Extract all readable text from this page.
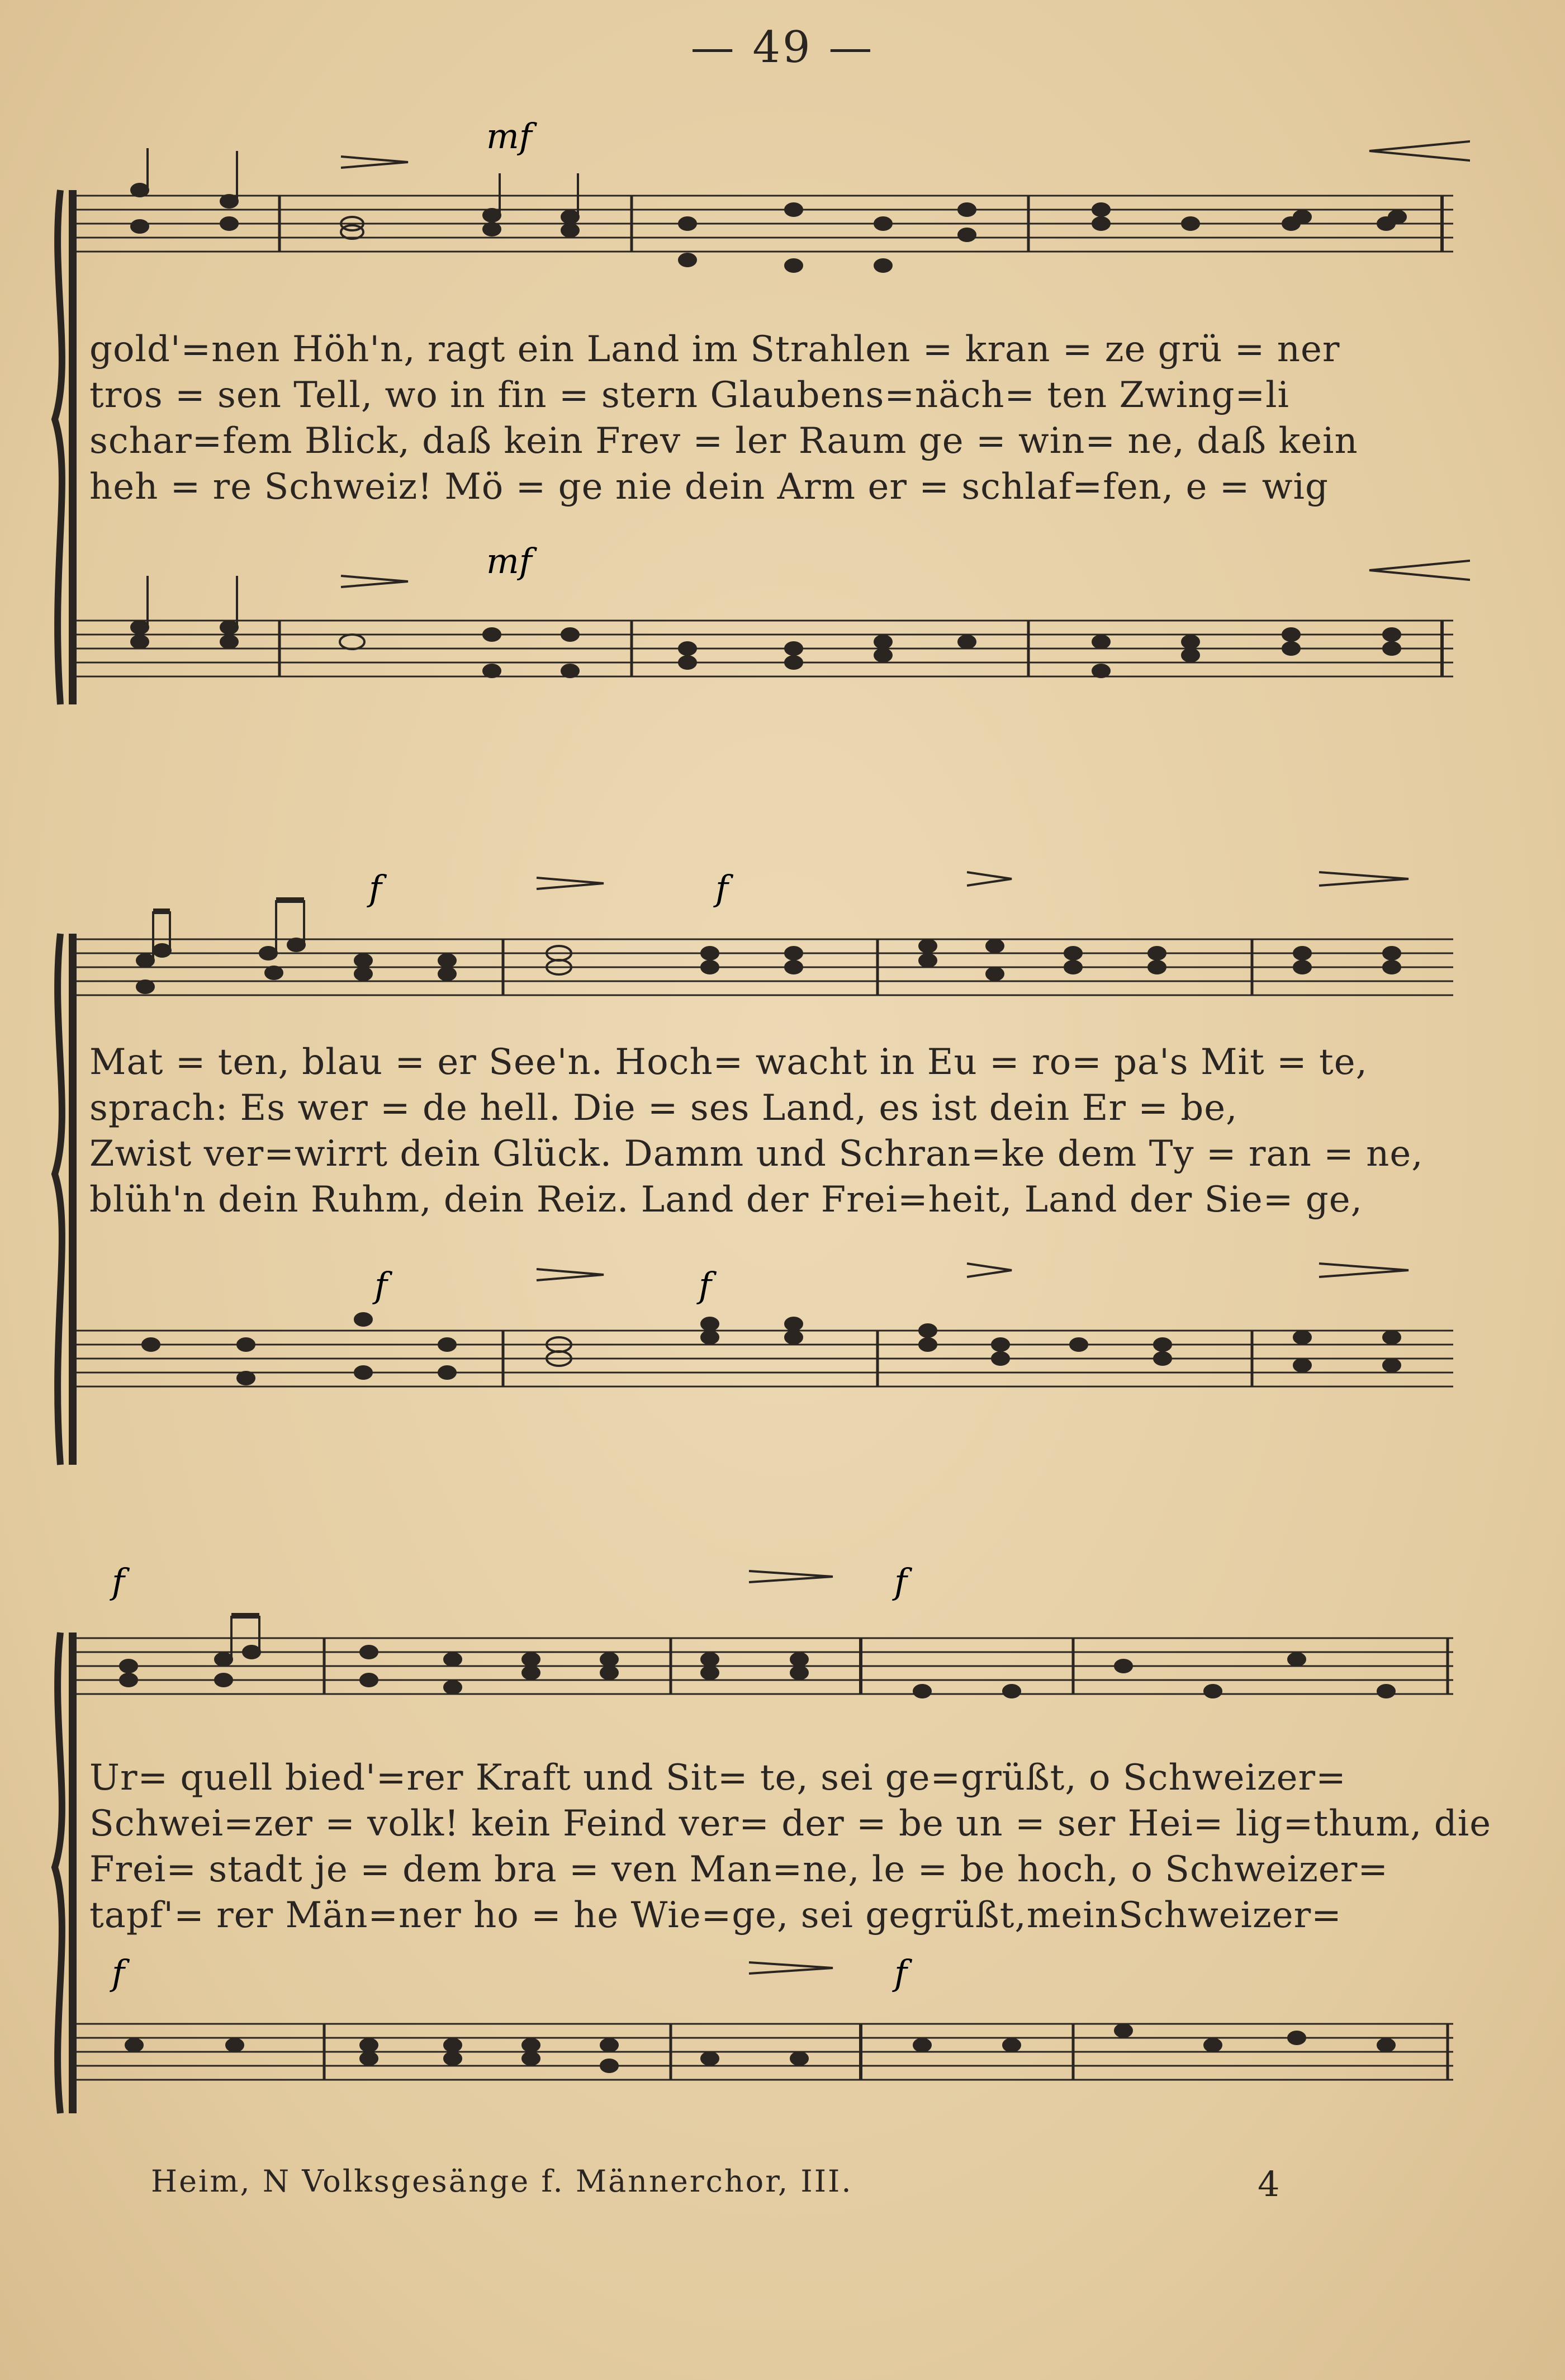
— 49 —
mf
mf
gold'=nen Höh'n, ragt ein Land im Strahlen = kran = ze grü = ner
tros = sen Tell, wo in fin = stern Glaubens=näch= ten Zwing=li
schar=fem Blick, daß kein Frev = ler Raum ge = win= ne, daß kein
heh = re Schweiz! Mö = ge nie dein Arm er = schlaf=fen, e = wig
f	f
f	f
Mat = ten, blau = er See'n. Hoch= wacht in Eu = ro= pa's Mit = te,
sprach: Es wer = de hell. Die = ses Land, es ist dein Er = be,
Zwist ver=wirrt dein Glück. Damm und Schran=ke dem Ty = ran = ne,
blüh'n dein Ruhm, dein Reiz. Land der Frei=heit, Land der Sie= ge,
f	f
f	f
Ur= quell bied'=rer Kraft und Sit= te, sei ge=grüßt, o Schweizer=
Schwei=zer = volk! kein Feind ver= der = be un = ser Hei= lig=thum, die
Frei= stadt je = dem bra = ven Man=ne, le = be hoch, o Schweizer=
tapf'= rer Män=ner ho = he Wie=ge, sei gegrüßt,meinSchweizer=
Heim, N Volksgesänge f. Männerchor, III.	4
